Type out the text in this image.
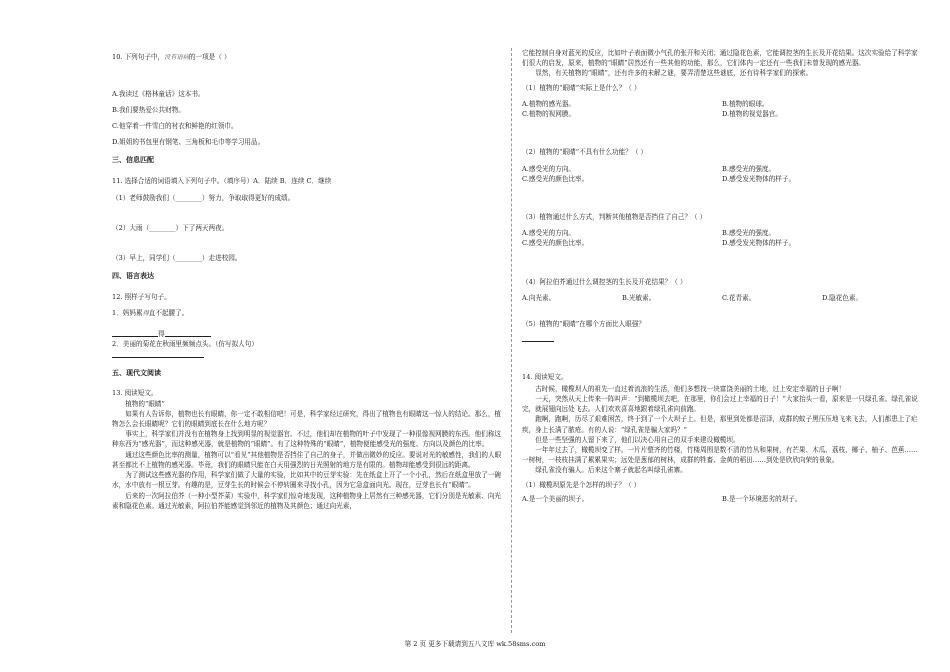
10. 下列句子中，没有语病的一项是（ ）

A.我读过《格林童话》这本书。

B.我们要热爱公共财物。

C.他穿着一件雪白的衬衣和鲜艳的红领巾。

D.姐姐的书包里有钢笔、三角板和毛巾等学习用品。

三、信息匹配

11. 选择合适的词语填入下列句子中。（填序号）A．陆续 B．连续 C．继续

（1）老师鼓励我们（________）努力，争取取得更好的成绩。

（2）大雨（________）下了两天两夜。

（3）早上，同学们（________）走进校园。

四、语言表达

12. 照样子写句子。

1．妈妈累得直不起腰了。

得

2．美丽的菊花在秋雨里频频点头。（仿写拟人句）

五、现代文阅读

13. 阅读短文。

植物的“眼睛”

如果有人告诉你，植物也长有眼睛，你一定不敢相信吧！可是，科学家经过研究，得出了植物也有眼睛这一惊人的结论。那么，植物怎么会长眼睛呢？它们的眼睛到底长在什么地方呢？

事实上，科学家们并没有在植物身上找到明显的视觉器官。不过，他们却在植物的叶子中发现了一种很像视网膜的东西。他们称这种东西为“感光器”，而这种感光器，就是植物的“眼睛”。有了这种特殊的“眼睛”，植物便能感受光的强度、方向以及颜色的比率。

通过这些颜色比率的测量，植物可以“看见”其他植物是否挡住了自己的身子，并做出微妙的反应。要说对光的敏感性，我们的人眼甚至都比不上植物的感光器。毕竟，我们的眼睛只能在白天用强烈的日光照射的地方是有限的。植物却能感受到很远的距离。

为了测试这些感光器的作用，科学家们做了大量的实验，比如其中的豆芽实验：先在纸盒上开了一个小孔，然后在纸盒里放了一碗水，水中放有一根豆芽。有趣的是，豆芽生长的时候会不停转圈来寻找小孔，因为它急盒面向光。现在，豆芽也长有“眼睛”。

后来的一次阿拉伯芥（一种小型芥菜）实验中，科学家们惊奇地发现，这种植物身上居然有三种感光器，它们分别是光敏素、向光素和隐花色素。通过光敏素，阿拉伯芥能感觉到邻近的植物及其颜色；通过向光素，

它能控制自身对蓝光的反应，比如叶子表面微小气孔的张开和关闭；通过隐花色素，它能调控茎的生长及开花结果。这次实验给了科学家们很大的启发，原来，植物的“眼睛”居然还有一些其他的功能，那么，它们体内一定还有一些我们未曾发现的感光器。

显然，有关植物的“眼睛”，还有许多的未解之谜，要弄清楚这些谜底，还有待科学家们的探索。

（1）植物的“眼睛”实际上是什么？（ ）

A.植物的感光器。	B.植物的眼球。

C.植物的视网膜。	D.植物的视觉器官。

（2）植物的“眼睛”不具有什么功能？（ ）

A.感受光的方向。	B.感受光的强度。

C.感受光的颜色比率。	D.感受发光物体的样子。

（3）植物通过什么方式，判断其他植物是否挡住了自己？（ ）

A.感受光的方向。	B.感受光的强度。

C.感受光的颜色比率。	D.感受发光物体的样子。

（4）阿拉伯芥通过什么调控茎的生长及开花结果？（ ）

A.向光素。	B.光敏素。	C.花青素。	D.隐花色素。

（5）植物的“眼睛”在哪个方面比人眼强？

14. 阅读短文。

古时候，橄榄坝人的祖先一直过着流浪的生活，他们多想找一块富饶美丽的土地，过上安定幸福的日子啊！

一天，突然从天上传来一阵叫声：“到橄榄坝去吧，在那里，你们会过上幸福的日子！”大家抬头一看，原来是一只绿孔雀。绿孔雀说完，就展翅向远处飞去。人们欢欢喜喜地跟着绿孔雀向前跑。

跑啊，跑啊，历尽了艰难困苦，终于到了一个大坝子上。但是，那里到处都是沼泽，成群的蚊子黑压压地飞来飞去，人们都患上了疟疾，身上长满了脓疮。有的人说：“绿孔雀是骗大家吗？”

但是一些坚强的人留下来了，他们以决心用自己的双手来建设橄榄坝。

一年年过去了，橄榄坝变了样。一片片整齐的竹楼，竹楼周围是数不清的竹丛和果树，有芒果、木瓜、荔枝、椰子、柚子、芭蕉……一树树，一枝枝挂满了累累果实；远处是葱郁的树林，成群的牲畜、金黄的稻田……到处是欣欣向荣的景象。

绿孔雀没有骗人。后来这个寨子就起名叫绿孔雀寨。

（1）橄榄坝原先是个怎样的坝子？（ ）

A.是一个美丽的坝子。	B.是一个环境恶劣的坝子。

第 2 页 更多下载请到五八文库 wk.58sms.com
